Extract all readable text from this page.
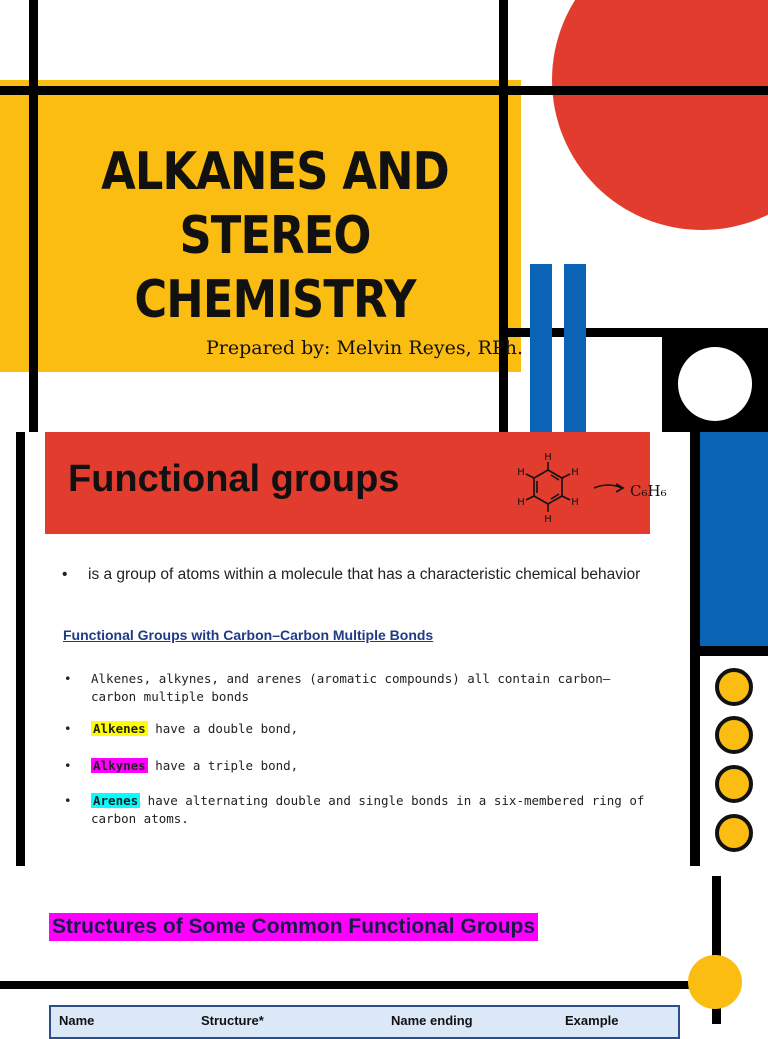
ALKANES AND
STEREO CHEMISTRY
Prepared by: Melvin Reyes, RPh.
Functional groups
H
H
H
H
H
H
C₆H₆
•	is a group of atoms within a molecule that has a characteristic chemical behavior
Functional Groups with Carbon–Carbon Multiple Bonds
•	Alkenes, alkynes, and arenes (aromatic compounds) all contain carbon–carbon multiple bonds
•	Alkenes have a double bond,
•	Alkynes have a triple bond,
•	Arenes have alternating double and single bonds in a six-membered ring of carbon atoms.
Structures of Some Common Functional Groups
Name	Structure*	Name ending	Example
